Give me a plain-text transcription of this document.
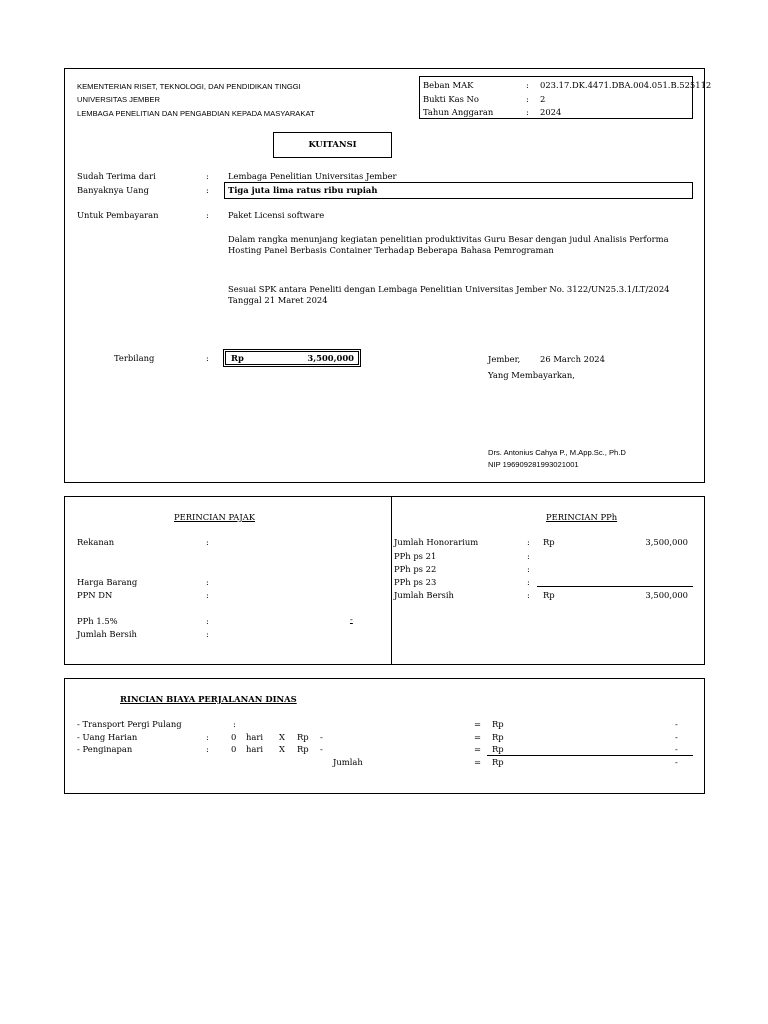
KEMENTERIAN RISET, TEKNOLOGI, DAN PENDIDIKAN TINGGI
UNIVERSITAS JEMBER
LEMBAGA PENELITIAN DAN PENGABDIAN KEPADA MASYARAKAT
Beban MAK	: 023.17.DK.4471.DBA.004.051.B.525112
Bukti Kas No	: 2
Tahun Anggaran	: 2024
KUITANSI
Sudah Terima dari	: Lembaga Penelitian Universitas Jember
Banyaknya Uang	: Tiga juta lima ratus ribu rupiah
Untuk Pembayaran	: Paket Licensi software
Dalam rangka menunjang kegiatan penelitian produktivitas Guru Besar dengan judul Analisis Performa Hosting Panel Berbasis Container Terhadap Beberapa Bahasa Pemrograman
Sesuai SPK antara Peneliti dengan Lembaga Penelitian Universitas Jember No. 3122/UN25.3.1/LT/2024 Tanggal 21 Maret 2024
Terbilang	:	Rp	3,500,000	Jember, 26 March 2024
Yang Membayarkan,
Drs. Antonius Cahya P., M.App.Sc., Ph.D
NIP 196909281993021001
PERINCIAN PAJAK
Rekanan	:
Harga Barang	:
PPN DN	:
PPh 1.5%	:	-
Jumlah Bersih	:
PERINCIAN PPh
Jumlah Honorarium	: Rp	3,500,000
PPh ps 21	:
PPh ps 22	:
PPh ps 23	:
Jumlah Bersih	: Rp	3,500,000
RINCIAN BIAYA PERJALANAN DINAS
- Transport Pergi Pulang	:	= Rp	-
- Uang Harian	:	0 hari X Rp -	= Rp	-
- Penginapan	:	0 hari X Rp -	= Rp	-
Jumlah	= Rp	-
